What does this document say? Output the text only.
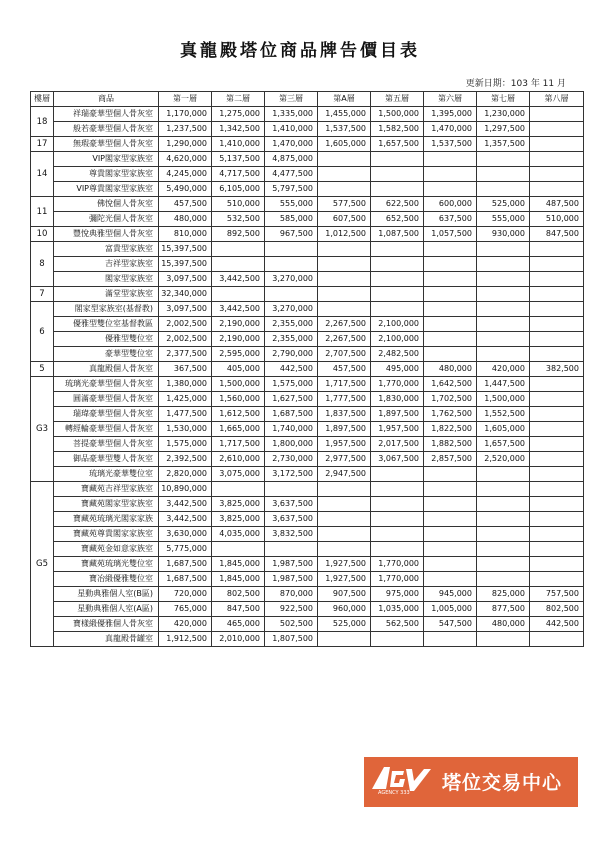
真龍殿塔位商品牌告價目表
更新日期：103 年 11 月
樓層	商品	第一層	第二層	第三層	第A層	第五層	第六層	第七層	第八層
18	祥瑞豪華型個人骨灰室	1,170,000	1,275,000	1,335,000	1,455,000	1,500,000	1,395,000	1,230,000	
	般若豪華型個人骨灰室	1,237,500	1,342,500	1,410,000	1,537,500	1,582,500	1,470,000	1,297,500	
17	無瑕豪華型個人骨灰室	1,290,000	1,410,000	1,470,000	1,605,000	1,657,500	1,537,500	1,357,500	
14	VIP閣家型家族室	4,620,000	5,137,500	4,875,000					
	尊貴閣家型家族室	4,245,000	4,717,500	4,477,500					
	VIP尊貴閣家型家族室	5,490,000	6,105,000	5,797,500					
11	佛悅個人骨灰室	457,500	510,000	555,000	577,500	622,500	600,000	525,000	487,500
	彌陀光個人骨灰室	480,000	532,500	585,000	607,500	652,500	637,500	555,000	510,000
10	豐悅典雅型個人骨灰室	810,000	892,500	967,500	1,012,500	1,087,500	1,057,500	930,000	847,500
8	富貴型家族室	15,397,500							
	吉祥型家族室	15,397,500							
	閣家型家族室	3,097,500	3,442,500	3,270,000					
7	滿堂型家族室	32,340,000							
6	閣家型家族室(基督教)	3,097,500	3,442,500	3,270,000					
	優雅型雙位室基督教區	2,002,500	2,190,000	2,355,000	2,267,500	2,100,000			
	優雅型雙位室	2,002,500	2,190,000	2,355,000	2,267,500	2,100,000			
	豪華型雙位室	2,377,500	2,595,000	2,790,000	2,707,500	2,482,500			
5	真龍殿個人骨灰室	367,500	405,000	442,500	457,500	495,000	480,000	420,000	382,500
G3	琉璃光豪華型個人骨灰室	1,380,000	1,500,000	1,575,000	1,717,500	1,770,000	1,642,500	1,447,500	
	圓滿豪華型個人骨灰室	1,425,000	1,560,000	1,627,500	1,777,500	1,830,000	1,702,500	1,500,000	
	瑞瑋豪華型個人骨灰室	1,477,500	1,612,500	1,687,500	1,837,500	1,897,500	1,762,500	1,552,500	
	轉經輪豪華型個人骨灰室	1,530,000	1,665,000	1,740,000	1,897,500	1,957,500	1,822,500	1,605,000	
	菩提豪華型個人骨灰室	1,575,000	1,717,500	1,800,000	1,957,500	2,017,500	1,882,500	1,657,500	
	御品豪華型雙人骨灰室	2,392,500	2,610,000	2,730,000	2,977,500	3,067,500	2,857,500	2,520,000	
	琉璃光豪華雙位室	2,820,000	3,075,000	3,172,500	2,947,500				
G5	寶藏苑吉祥型家族室	10,890,000							
	寶藏苑閣家型家族室	3,442,500	3,825,000	3,637,500					
	寶藏苑琉璃光閣家家族	3,442,500	3,825,000	3,637,500					
	寶藏苑尊貴閣家家族室	3,630,000	4,035,000	3,832,500					
	寶藏苑金如意家族室	5,775,000							
	寶藏苑琉璃光雙位室	1,687,500	1,845,000	1,987,500	1,927,500	1,770,000			
	寶冶緞優雅雙位室	1,687,500	1,845,000	1,987,500	1,927,500	1,770,000			
	星動典雅個人室(B區)	720,000	802,500	870,000	907,500	975,000	945,000	825,000	757,500
	星動典雅個人室(A區)	765,000	847,500	922,500	960,000	1,035,000	1,005,000	877,500	802,500
	寶樣緞優雅個人骨灰室	420,000	465,000	502,500	525,000	562,500	547,500	480,000	442,500
	真龍殿骨罐室	1,912,500	2,010,000	1,807,500					
AGENCY 333 塔位交易中心
